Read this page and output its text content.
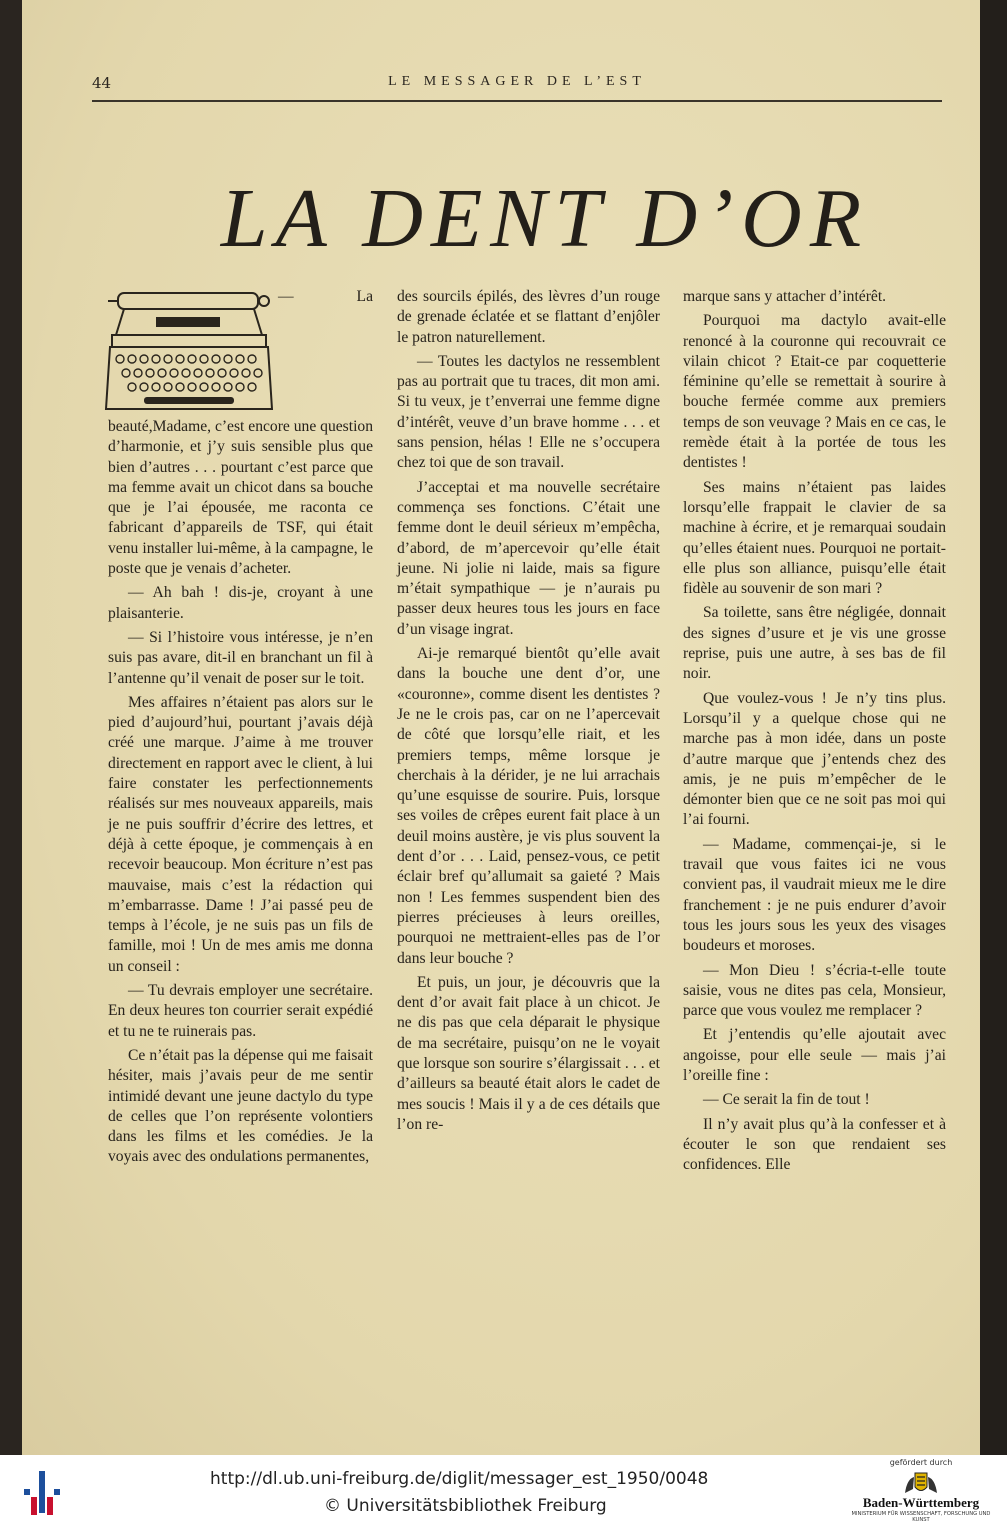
44	LE MESSAGER DE L’EST
LA DENT D’OR

— La beauté,Madame, c’est encore une question d’harmonie, et j’y suis sensible plus que bien d’autres . . . pourtant c’est parce que ma femme avait un chicot dans sa bouche que je l’ai épousée, me raconta ce fabricant d’appareils de TSF, qui était venu installer lui-même, à la campagne, le poste que je venais d’acheter.

— Ah bah ! dis-je, croyant à une plaisanterie.

— Si l’histoire vous intéresse, je n’en suis pas avare, dit-il en branchant un fil à l’antenne qu’il venait de poser sur le toit.

Mes affaires n’étaient pas alors sur le pied d’aujourd’hui, pourtant j’avais déjà créé une marque. J’aime à me trouver directement en rapport avec le client, à lui faire constater les perfectionnements réalisés sur mes nouveaux appareils, mais je ne puis souffrir d’écrire des lettres, et déjà à cette époque, je commençais à en recevoir beaucoup. Mon écriture n’est pas mauvaise, mais c’est la rédaction qui m’embarrasse. Dame ! J’ai passé peu de temps à l’école, je ne suis pas un fils de famille, moi ! Un de mes amis me donna un conseil :

— Tu devrais employer une secrétaire. En deux heures ton courrier serait expédié et tu ne te ruinerais pas.

Ce n’était pas la dépense qui me faisait hésiter, mais j’avais peur de me sentir intimidé devant une jeune dactylo du type de celles que l’on représente volontiers dans les films et les comédies. Je la voyais avec des ondulations permanentes,

des sourcils épilés, des lèvres d’un rouge de grenade éclatée et se flattant d’enjôler le patron naturellement.

— Toutes les dactylos ne ressemblent pas au portrait que tu traces, dit mon ami. Si tu veux, je t’enverrai une femme digne d’intérêt, veuve d’un brave homme . . . et sans pension, hélas ! Elle ne s’occupera chez toi que de son travail.

J’acceptai et ma nouvelle secrétaire commença ses fonctions. C’était une femme dont le deuil sérieux m’empêcha, d’abord, de m’apercevoir qu’elle était jeune. Ni jolie ni laide, mais sa figure m’était sympathique — je n’aurais pu passer deux heures tous les jours en face d’un visage ingrat.

Ai-je remarqué bientôt qu’elle avait dans la bouche une dent d’or, une «couronne», comme disent les dentistes ? Je ne le crois pas, car on ne l’apercevait de côté que lorsqu’elle riait, et les premiers temps, même lorsque je cherchais à la dérider, je ne lui arrachais qu’une esquisse de sourire. Puis, lorsque ses voiles de crêpes eurent fait place à un deuil moins austère, je vis plus souvent la dent d’or . . . Laid, pensez-vous, ce petit éclair bref qu’allumait sa gaieté ? Mais non ! Les femmes suspendent bien des pierres précieuses à leurs oreilles, pourquoi ne mettraient-elles pas de l’or dans leur bouche ?

Et puis, un jour, je découvris que la dent d’or avait fait place à un chicot. Je ne dis pas que cela déparait le physique de ma secrétaire, puisqu’on ne le voyait que lorsque son sourire s’élargissait . . . et d’ailleurs sa beauté était alors le cadet de mes soucis ! Mais il y a de ces détails que l’on re-

marque sans y attacher d’intérêt.

Pourquoi ma dactylo avait-elle renoncé à la couronne qui recouvrait ce vilain chicot ? Etait-ce par coquetterie féminine qu’elle se remettait à sourire à bouche fermée comme aux premiers temps de son veuvage ? Mais en ce cas, le remède était à la portée de tous les dentistes !

Ses mains n’étaient pas laides lorsqu’elle frappait le clavier de sa machine à écrire, et je remarquai soudain qu’elles étaient nues. Pourquoi ne portait-elle plus son alliance, puisqu’elle était fidèle au souvenir de son mari ?

Sa toilette, sans être négligée, donnait des signes d’usure et je vis une grosse reprise, puis une autre, à ses bas de fil noir.

Que voulez-vous ! Je n’y tins plus. Lorsqu’il y a quelque chose qui ne marche pas à mon idée, dans un poste d’autre marque que j’entends chez des amis, je ne puis m’empêcher de le démonter bien que ce ne soit pas moi qui l’ai fourni.

— Madame, commençai-je, si le travail que vous faites ici ne vous convient pas, il vaudrait mieux me le dire franchement : je ne puis endurer d’avoir tous les jours sous les yeux des visages boudeurs et moroses.

— Mon Dieu ! s’écria-t-elle toute saisie, vous ne dites pas cela, Monsieur, parce que vous voulez me remplacer ?

Et j’entendis qu’elle ajoutait avec angoisse, pour elle seule — mais j’ai l’oreille fine :

— Ce serait la fin de tout !

Il n’y avait plus qu’à la confesser et à écouter le son que rendaient ses confidences. Elle

http://dl.ub.uni-freiburg.de/diglit/messager_est_1950/0048
© Universitätsbibliothek Freiburg
gefördert durch
Baden-Württemberg
MINISTERIUM FÜR WISSENSCHAFT, FORSCHUNG UND KUNST
